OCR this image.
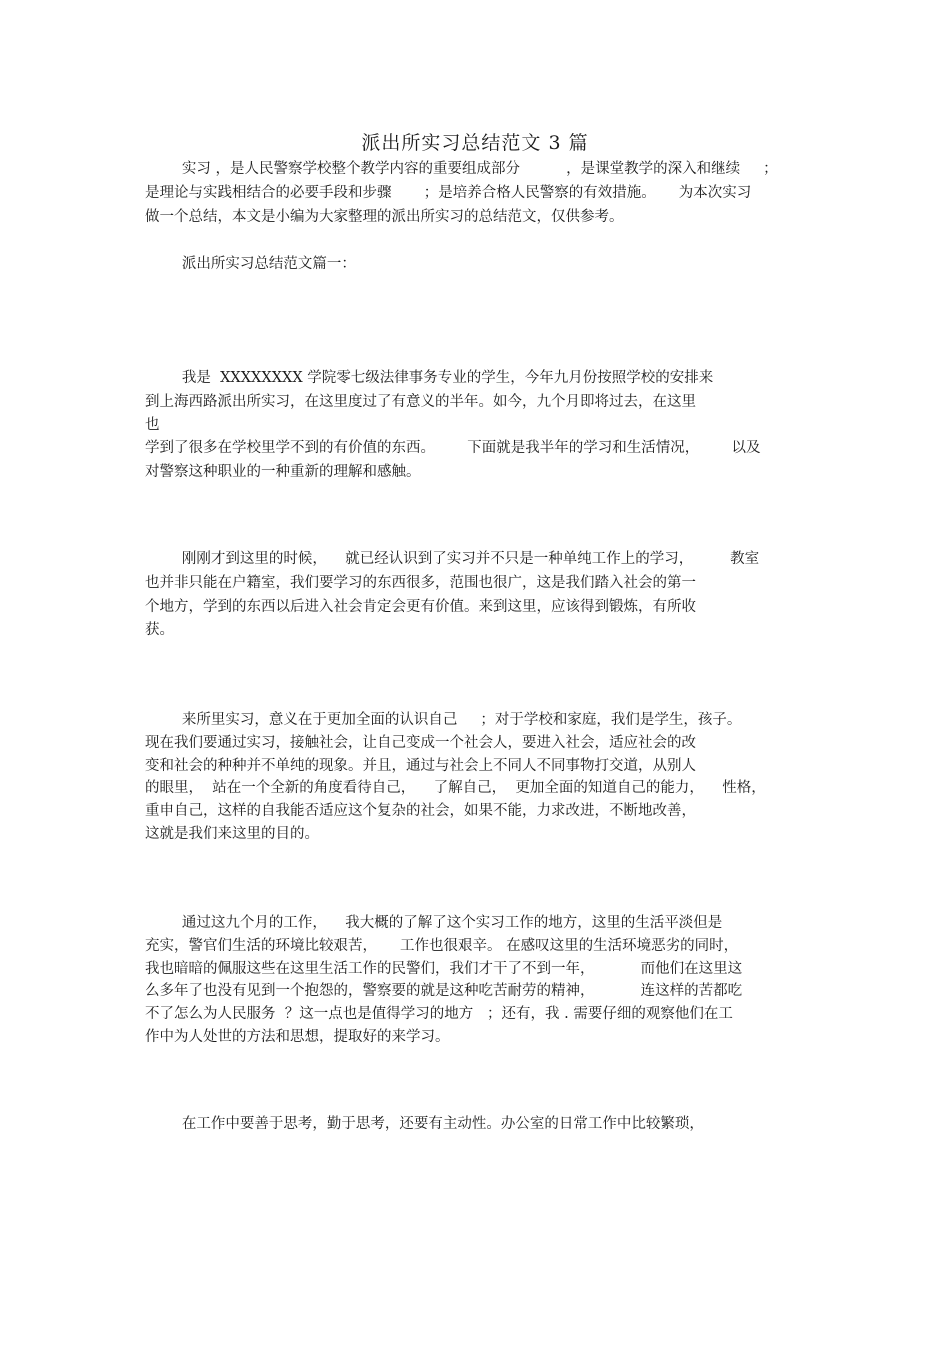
派出所实习总结范文 3 篇
实习 ，是人民警察学校整个教学内容的重要组成部分          ，是课堂教学的深入和继续     ；
是理论与实践相结合的必要手段和步骤       ；是培养合格人民警察的有效措施。     为本次实习
做一个总结，本文是小编为大家整理的派出所实习的总结范文，仅供参考。
派出所实习总结范文篇一：
我是  XXXXXXXX 学院零七级法律事务专业的学生，今年九月份按照学校的安排来
到上海西路派出所实习，在这里度过了有意义的半年。如今，九个月即将过去，在这里
也
学到了很多在学校里学不到的有价值的东西。       下面就是我半年的学习和生活情况，       以及
对警察这种职业的一种重新的理解和感触。
刚刚才到这里的时候，    就已经认识到了实习并不只是一种单纯工作上的学习，        教室
也并非只能在户籍室，我们要学习的东西很多，范围也很广，这是我们踏入社会的第一
个地方，学到的东西以后进入社会肯定会更有价值。来到这里，应该得到锻炼，有所收
获。
来所里实习，意义在于更加全面的认识自己     ；对于学校和家庭，我们是学生，孩子。
现在我们要通过实习，接触社会，让自己变成一个社会人，要进入社会，适应社会的改
变和社会的种种并不单纯的现象。并且，通过与社会上不同人不同事物打交道，从别人
的眼里，  站在一个全新的角度看待自己，    了解自己，  更加全面的知道自己的能力，    性格，
重申自己，这样的自我能否适应这个复杂的社会，如果不能，力求改进，不断地改善，
这就是我们来这里的目的。
通过这九个月的工作，    我大概的了解了这个实习工作的地方，这里的生活平淡但是
充实，警官们生活的环境比较艰苦，     工作也很艰辛。 在感叹这里的生活环境恶劣的同时，
我也暗暗的佩服这些在这里生活工作的民警们，我们才干了不到一年，          而他们在这里这
么多年了也没有见到一个抱怨的，警察要的就是这种吃苦耐劳的精神，          连这样的苦都吃
不了怎么为人民服务  ？这一点也是值得学习的地方   ；还有，我 . 需要仔细的观察他们在工
作中为人处世的方法和思想，提取好的来学习。
在工作中要善于思考，勤于思考，还要有主动性。办公室的日常工作中比较繁琐，
